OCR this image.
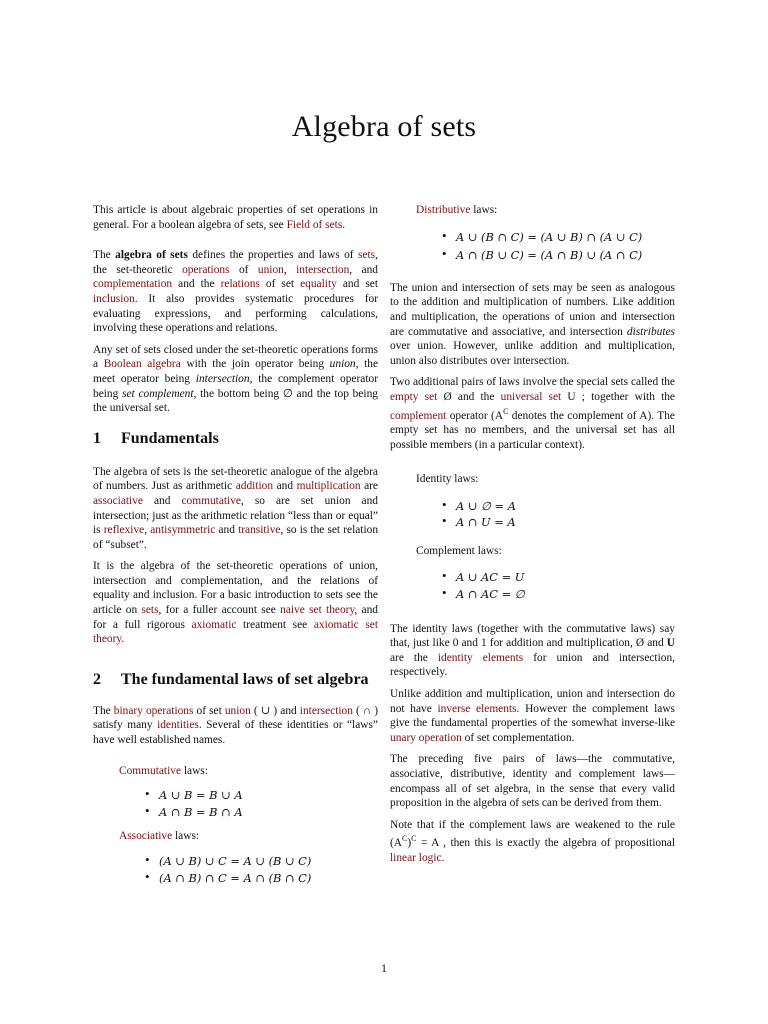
Algebra of sets

This article is about algebraic properties of set operations in general. For a boolean algebra of sets, see Field of sets.

The algebra of sets defines the properties and laws of sets, the set-theoretic operations of union, intersection, and complementation and the relations of set equality and set inclusion. It also provides systematic procedures for evaluating expressions, and performing calculations, involving these operations and relations.

Any set of sets closed under the set-theoretic operations forms a Boolean algebra with the join operator being union, the meet operator being intersection, the complement operator being set complement, the bottom being ∅ and the top being the universal set.

1	Fundamentals

The algebra of sets is the set-theoretic analogue of the algebra of numbers. Just as arithmetic addition and multiplication are associative and commutative, so are set union and intersection; just as the arithmetic relation “less than or equal” is reflexive, antisymmetric and transitive, so is the set relation of “subset”.

It is the algebra of the set-theoretic operations of union, intersection and complementation, and the relations of equality and inclusion. For a basic introduction to sets see the article on sets, for a fuller account see naive set theory, and for a full rigorous axiomatic treatment see axiomatic set theory.

2	The fundamental laws of set algebra

The binary operations of set union ( ∪ ) and intersection ( ∩ ) satisfy many identities. Several of these identities or “laws” have well established names.

Commutative laws:

• A ∪ B = B ∪ A
• A ∩ B = B ∩ A

Associative laws:

• (A ∪ B) ∪ C = A ∪ (B ∪ C)
• (A ∩ B) ∩ C = A ∩ (B ∩ C)

Distributive laws:

• A ∪ (B ∩ C) = (A ∪ B) ∩ (A ∪ C)
• A ∩ (B ∪ C) = (A ∩ B) ∪ (A ∩ C)

The union and intersection of sets may be seen as analogous to the addition and multiplication of numbers. Like addition and multiplication, the operations of union and intersection are commutative and associative, and intersection distributes over union. However, unlike addition and multiplication, union also distributes over intersection.

Two additional pairs of laws involve the special sets called the empty set Ø and the universal set U ; together with the complement operator ($A^C$ denotes the complement of A). The empty set has no members, and the universal set has all possible members (in a particular context).

Identity laws:

• A ∪ ∅ = A
• A ∩ U = A

Complement laws:

• A ∪ AC = U
• A ∩ AC = ∅

The identity laws (together with the commutative laws) say that, just like 0 and 1 for addition and multiplication, Ø and U are the identity elements for union and intersection, respectively.

Unlike addition and multiplication, union and intersection do not have inverse elements. However the complement laws give the fundamental properties of the somewhat inverse-like unary operation of set complementation.

The preceding five pairs of laws—the commutative, associative, distributive, identity and complement laws—encompass all of set algebra, in the sense that every valid proposition in the algebra of sets can be derived from them.

Note that if the complement laws are weakened to the rule $(A^C)^C = A$ , then this is exactly the algebra of propositional linear logic.

1
